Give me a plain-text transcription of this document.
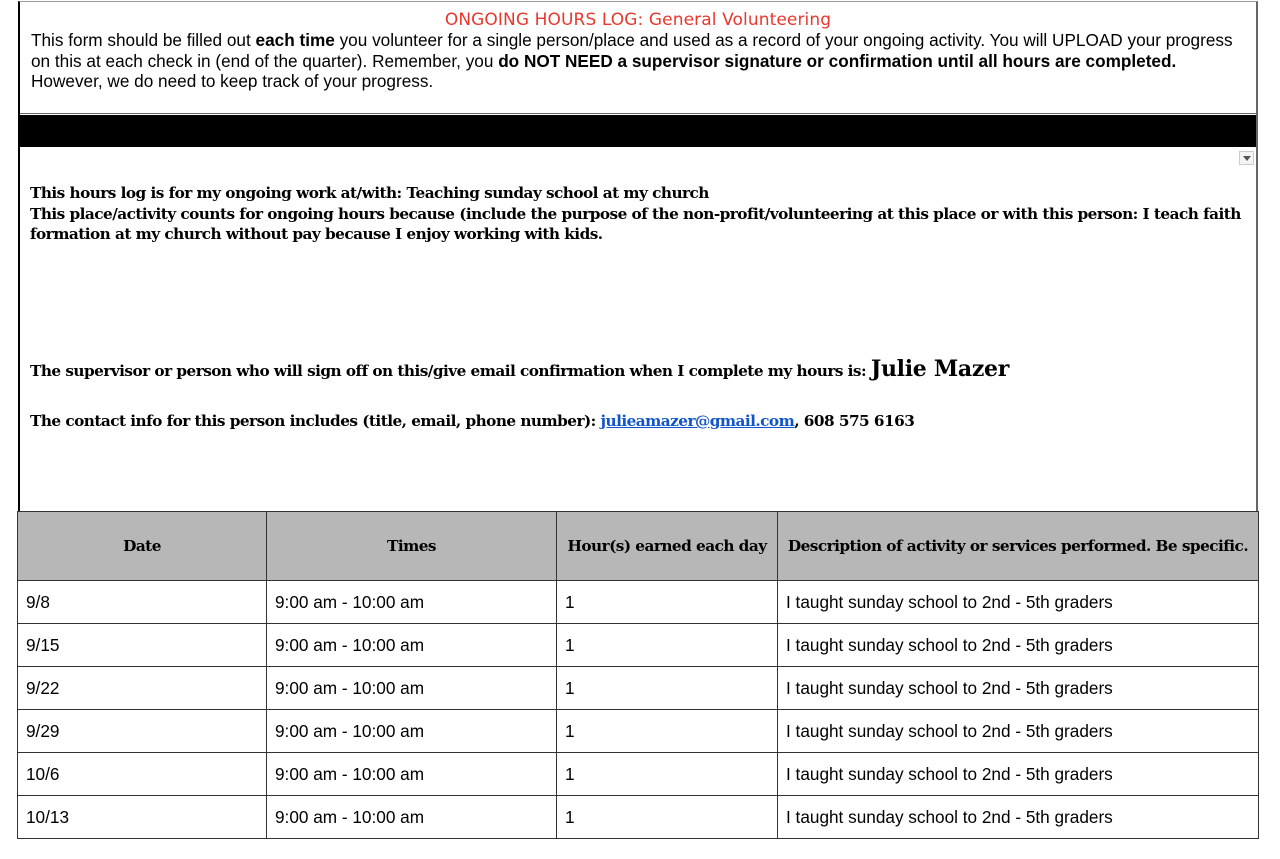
ONGOING HOURS LOG: General Volunteering
This form should be filled out each time you volunteer for a single person/place and used as a record of your ongoing activity. You will UPLOAD your progress on this at each check in (end of the quarter). Remember, you do NOT NEED a supervisor signature or confirmation until all hours are completed. However, we do need to keep track of your progress.
This hours log is for my ongoing work at/with: Teaching sunday school at my church
This place/activity counts for ongoing hours because (include the purpose of the non-profit/volunteering at this place or with this person: I teach faith formation at my church without pay because I enjoy working with kids.
The supervisor or person who will sign off on this/give email confirmation when I complete my hours is: Julie Mazer
The contact info for this person includes (title, email, phone number): julieamazer@gmail.com, 608 575 6163
Date	Times	Hour(s) earned each day	Description of activity or services performed. Be specific.
9/8	9:00 am - 10:00 am	1	I taught sunday school to 2nd - 5th graders
9/15	9:00 am - 10:00 am	1	I taught sunday school to 2nd - 5th graders
9/22	9:00 am - 10:00 am	1	I taught sunday school to 2nd - 5th graders
9/29	9:00 am - 10:00 am	1	I taught sunday school to 2nd - 5th graders
10/6	9:00 am - 10:00 am	1	I taught sunday school to 2nd - 5th graders
10/13	9:00 am - 10:00 am	1	I taught sunday school to 2nd - 5th graders
